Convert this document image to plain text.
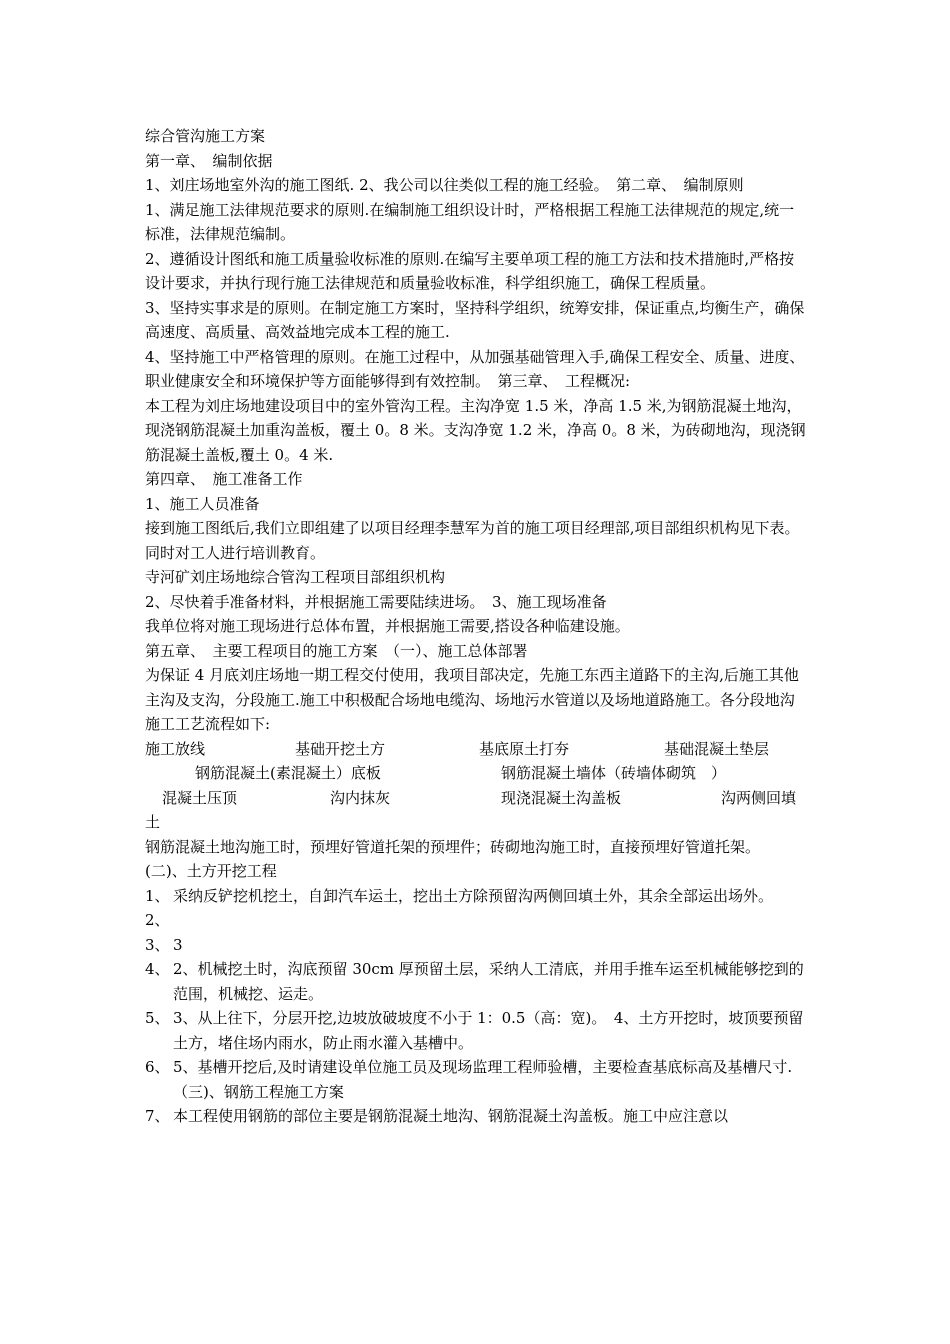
综合管沟施工方案

第一章、　编制依据

1、刘庄场地室外沟的施工图纸. 2、我公司以往类似工程的施工经验。　第二章、　编制原则

1、满足施工法律规范要求的原则.在编制施工组织设计时，严格根据工程施工法律规范的规定,统一标准，法律规范编制。

2、遵循设计图纸和施工质量验收标准的原则.在编写主要单项工程的施工方法和技术措施时,严格按设计要求，并执行现行施工法律规范和质量验收标准，科学组织施工，确保工程质量。

3、坚持实事求是的原则。在制定施工方案时，坚持科学组织，统筹安排，保证重点,均衡生产，确保高速度、高质量、高效益地完成本工程的施工.

4、坚持施工中严格管理的原则。在施工过程中，从加强基础管理入手,确保工程安全、质量、进度、职业健康安全和环境保护等方面能够得到有效控制。　第三章、　工程概况:

本工程为刘庄场地建设项目中的室外管沟工程。主沟净宽 1.5 米，净高 1.5 米,为钢筋混凝土地沟，现浇钢筋混凝土加重沟盖板，覆土 0。8 米。支沟净宽 1.2 米，净高 0。8 米，为砖砌地沟，现浇钢筋混凝土盖板,覆土 0。4 米.

第四章、　施工准备工作

1、施工人员准备

接到施工图纸后,我们立即组建了以项目经理李慧军为首的施工项目经理部,项目部组织机构见下表。同时对工人进行培训教育。

寺河矿刘庄场地综合管沟工程项目部组织机构

2、尽快着手准备材料，并根据施工需要陆续进场。　3、施工现场准备

我单位将对施工现场进行总体布置，并根据施工需要,搭设各种临建设施。

第五章、　主要工程项目的施工方案　（一）、施工总体部署

为保证 4 月底刘庄场地一期工程交付使用，我项目部决定，先施工东西主道路下的主沟,后施工其他主沟及支沟，分段施工.施工中积极配合场地电缆沟、场地污水管道以及场地道路施工。各分段地沟施工工艺流程如下:

施工放线	基础开挖土方	基底原土打夯	基础混凝土垫层
钢筋混凝土(素混凝土）底板	钢筋混凝土墙体（砖墙体砌筑　）
混凝土压顶	沟内抹灰	现浇混凝土沟盖板	沟两侧回填
土

钢筋混凝土地沟施工时，预埋好管道托架的预埋件；砖砌地沟施工时，直接预埋好管道托架。　(二)、土方开挖工程

1、 采纳反铲挖机挖土，自卸汽车运土，挖出土方除预留沟两侧回填土外，其余全部运出场外。

2、

3、 3

4、 2、机械挖土时，沟底预留 30cm 厚预留土层，采纳人工清底，并用手推车运至机械能够挖到的范围，机械挖、运走。

5、 3、从上往下，分层开挖,边坡放破坡度不小于 1：0.5（高：宽)。　4、土方开挖时，坡顶要预留土方，堵住场内雨水，防止雨水灌入基槽中。

6、 5、基槽开挖后,及时请建设单位施工员及现场监理工程师验槽，主要检查基底标高及基槽尺寸.（三)、钢筋工程施工方案

7、 本工程使用钢筋的部位主要是钢筋混凝土地沟、钢筋混凝土沟盖板。施工中应注意以
